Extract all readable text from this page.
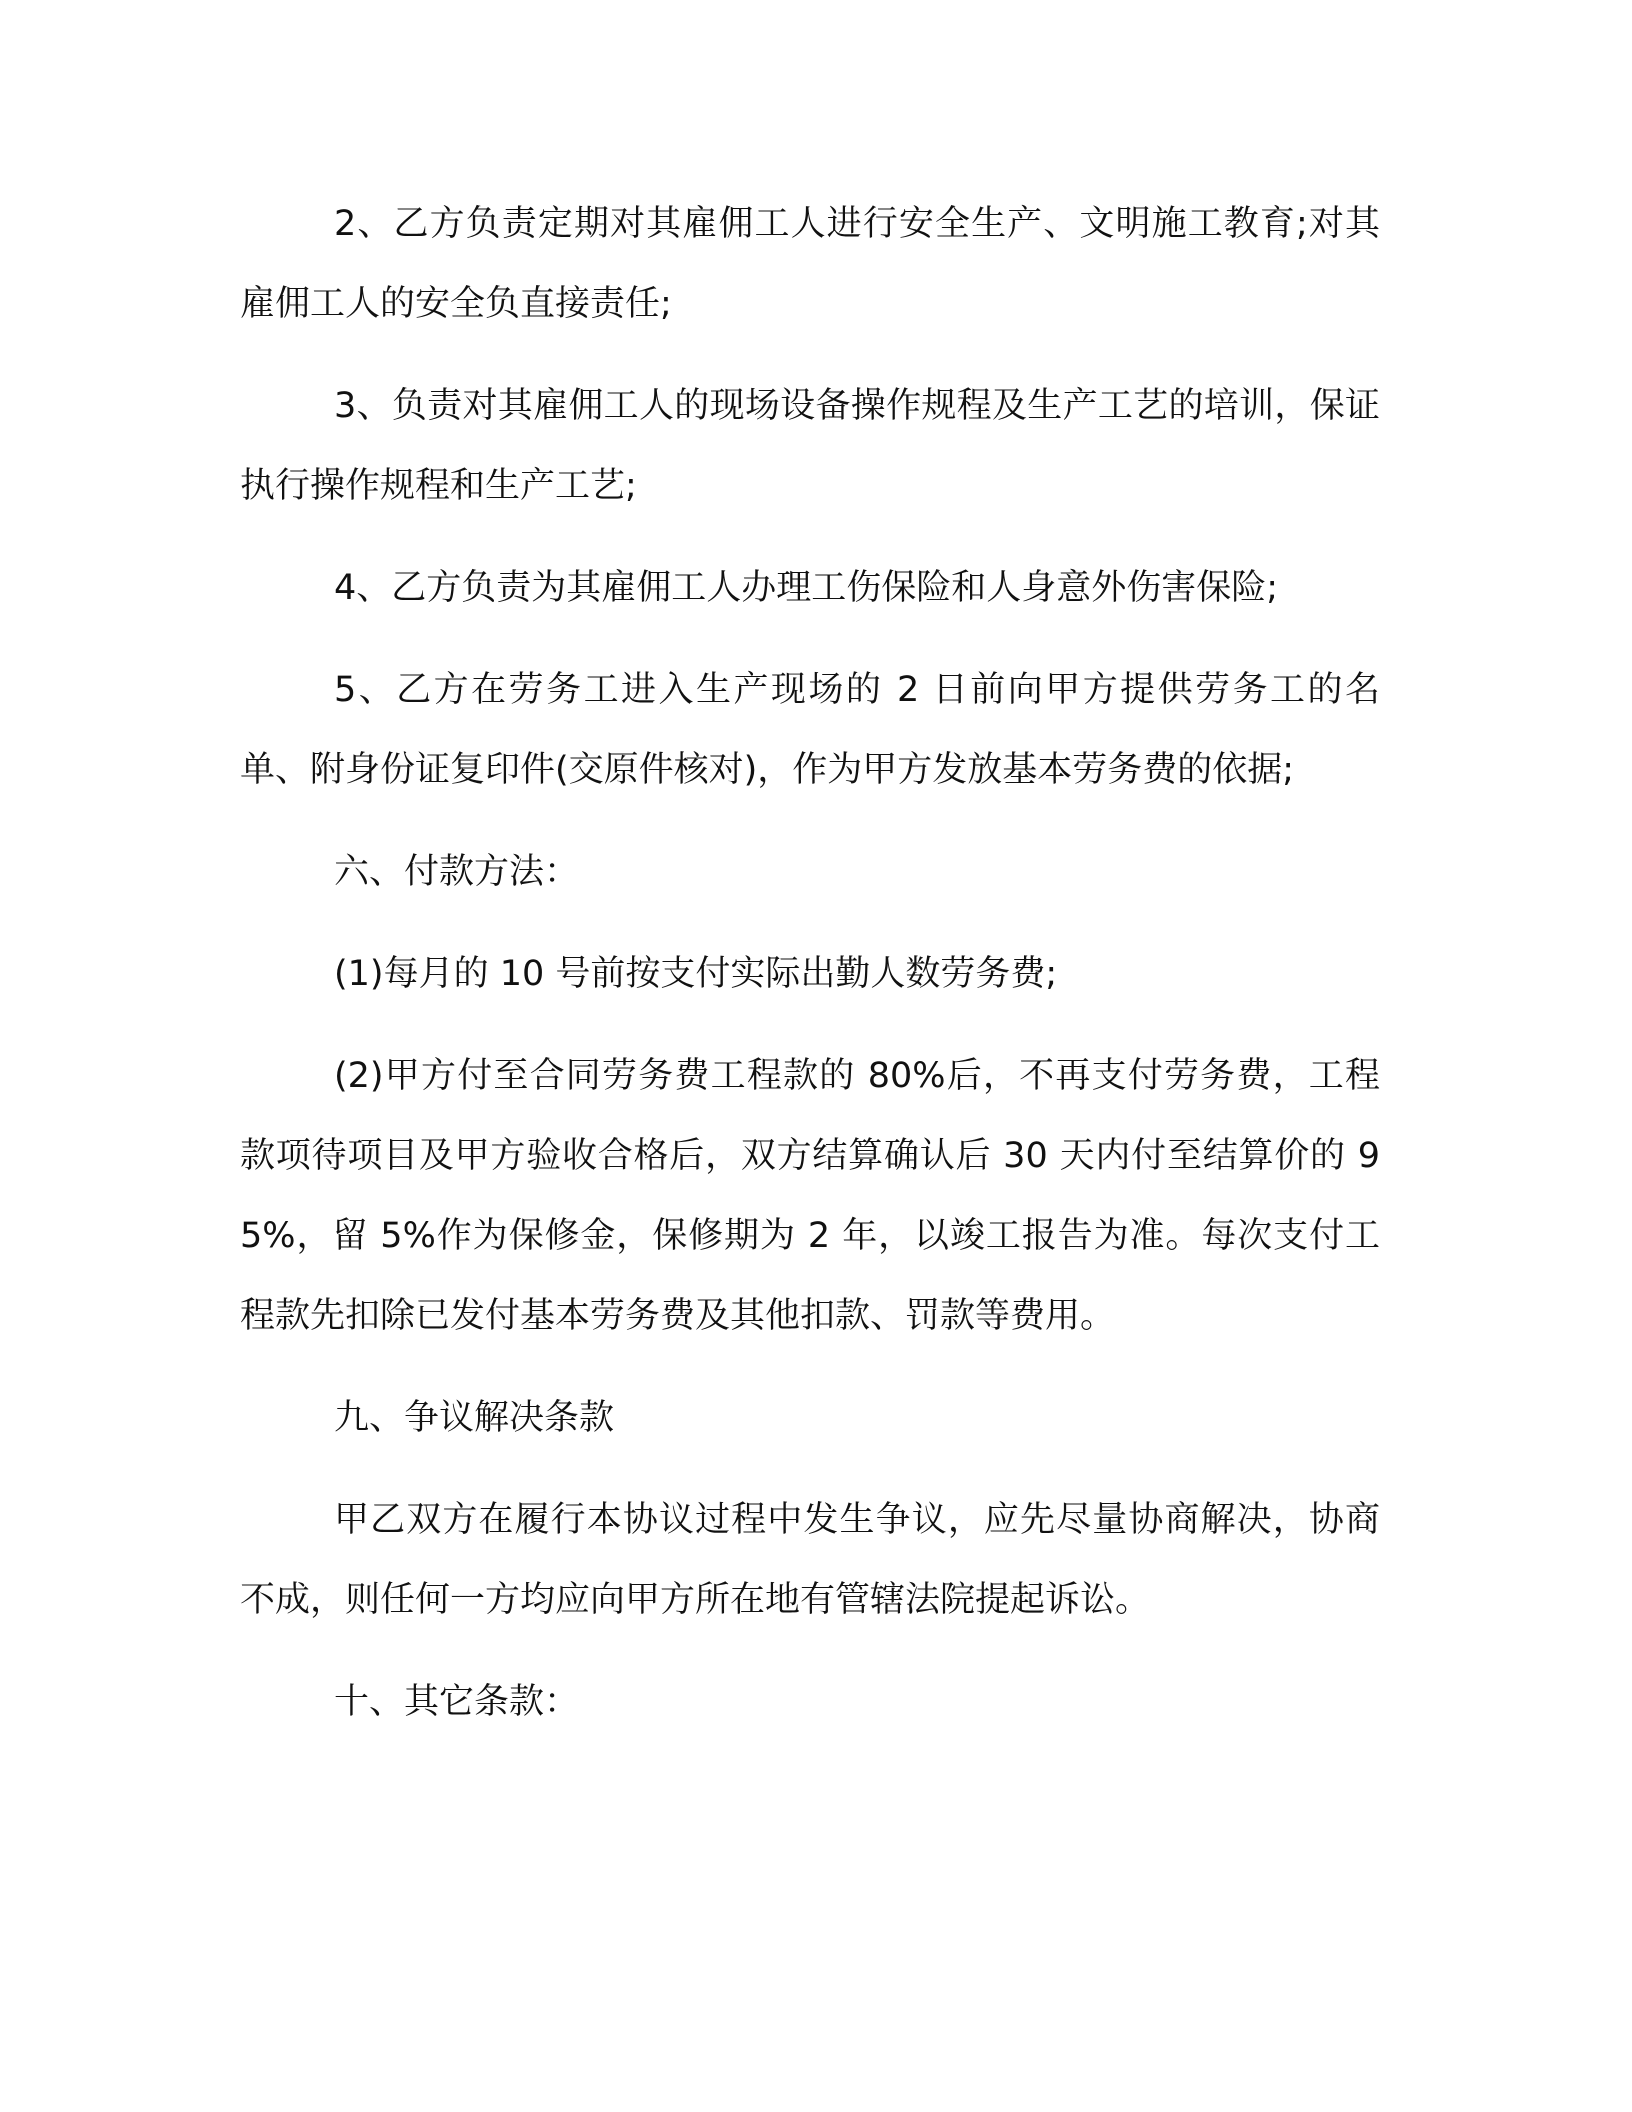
2、乙方负责定期对其雇佣工人进行安全生产、文明施工教育;对其雇佣工人的安全负直接责任;

3、负责对其雇佣工人的现场设备操作规程及生产工艺的培训，保证执行操作规程和生产工艺;

4、乙方负责为其雇佣工人办理工伤保险和人身意外伤害保险;

5、乙方在劳务工进入生产现场的 2 日前向甲方提供劳务工的名单、附身份证复印件(交原件核对)，作为甲方发放基本劳务费的依据;

六、付款方法：

(1)每月的 10 号前按支付实际出勤人数劳务费;

(2)甲方付至合同劳务费工程款的 80%后，不再支付劳务费，工程款项待项目及甲方验收合格后，双方结算确认后 30 天内付至结算价的 95%，留 5%作为保修金，保修期为 2 年，以竣工报告为准。每次支付工程款先扣除已发付基本劳务费及其他扣款、罚款等费用。

九、争议解决条款

甲乙双方在履行本协议过程中发生争议，应先尽量协商解决，协商不成，则任何一方均应向甲方所在地有管辖法院提起诉讼。

十、其它条款：
